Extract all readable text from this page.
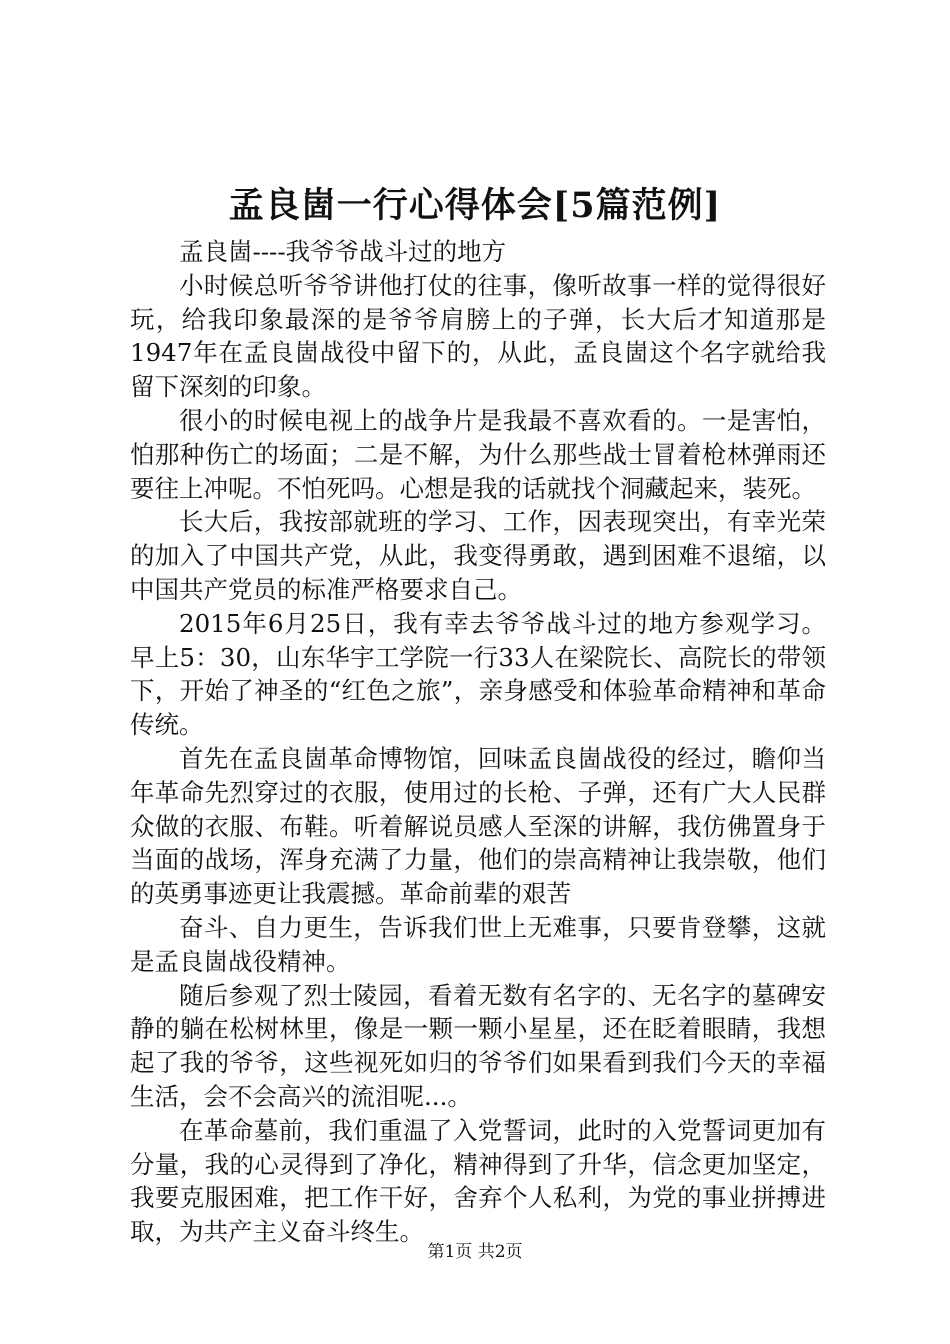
孟良崮一行心得体会[5篇范例]

孟良崮----我爷爷战斗过的地方

小时候总听爷爷讲他打仗的往事，像听故事一样的觉得很好玩，给我印象最深的是爷爷肩膀上的子弹，长大后才知道那是1947年在孟良崮战役中留下的，从此，孟良崮这个名字就给我留下深刻的印象。

很小的时候电视上的战争片是我最不喜欢看的。一是害怕，怕那种伤亡的场面；二是不解，为什么那些战士冒着枪林弹雨还要往上冲呢。不怕死吗。心想是我的话就找个洞藏起来，装死。

长大后，我按部就班的学习、工作，因表现突出，有幸光荣的加入了中国共产党，从此，我变得勇敢，遇到困难不退缩，以中国共产党员的标准严格要求自己。

2015年6月25日，我有幸去爷爷战斗过的地方参观学习。早上5：30，山东华宇工学院一行33人在梁院长、高院长的带领下，开始了神圣的“红色之旅”，亲身感受和体验革命精神和革命传统。

首先在孟良崮革命博物馆，回味孟良崮战役的经过，瞻仰当年革命先烈穿过的衣服，使用过的长枪、子弹，还有广大人民群众做的衣服、布鞋。听着解说员感人至深的讲解，我仿佛置身于当面的战场，浑身充满了力量，他们的崇高精神让我崇敬，他们的英勇事迹更让我震撼。革命前辈的艰苦

奋斗、自力更生，告诉我们世上无难事，只要肯登攀，这就是孟良崮战役精神。

随后参观了烈士陵园，看着无数有名字的、无名字的墓碑安静的躺在松树林里，像是一颗一颗小星星，还在眨着眼睛，我想起了我的爷爷，这些视死如归的爷爷们如果看到我们今天的幸福生活，会不会高兴的流泪呢...。

在革命墓前，我们重温了入党誓词，此时的入党誓词更加有分量，我的心灵得到了净化，精神得到了升华，信念更加坚定，我要克服困难，把工作干好，舍弃个人私利，为党的事业拼搏进取，为共产主义奋斗终生。

第1页 共2页
